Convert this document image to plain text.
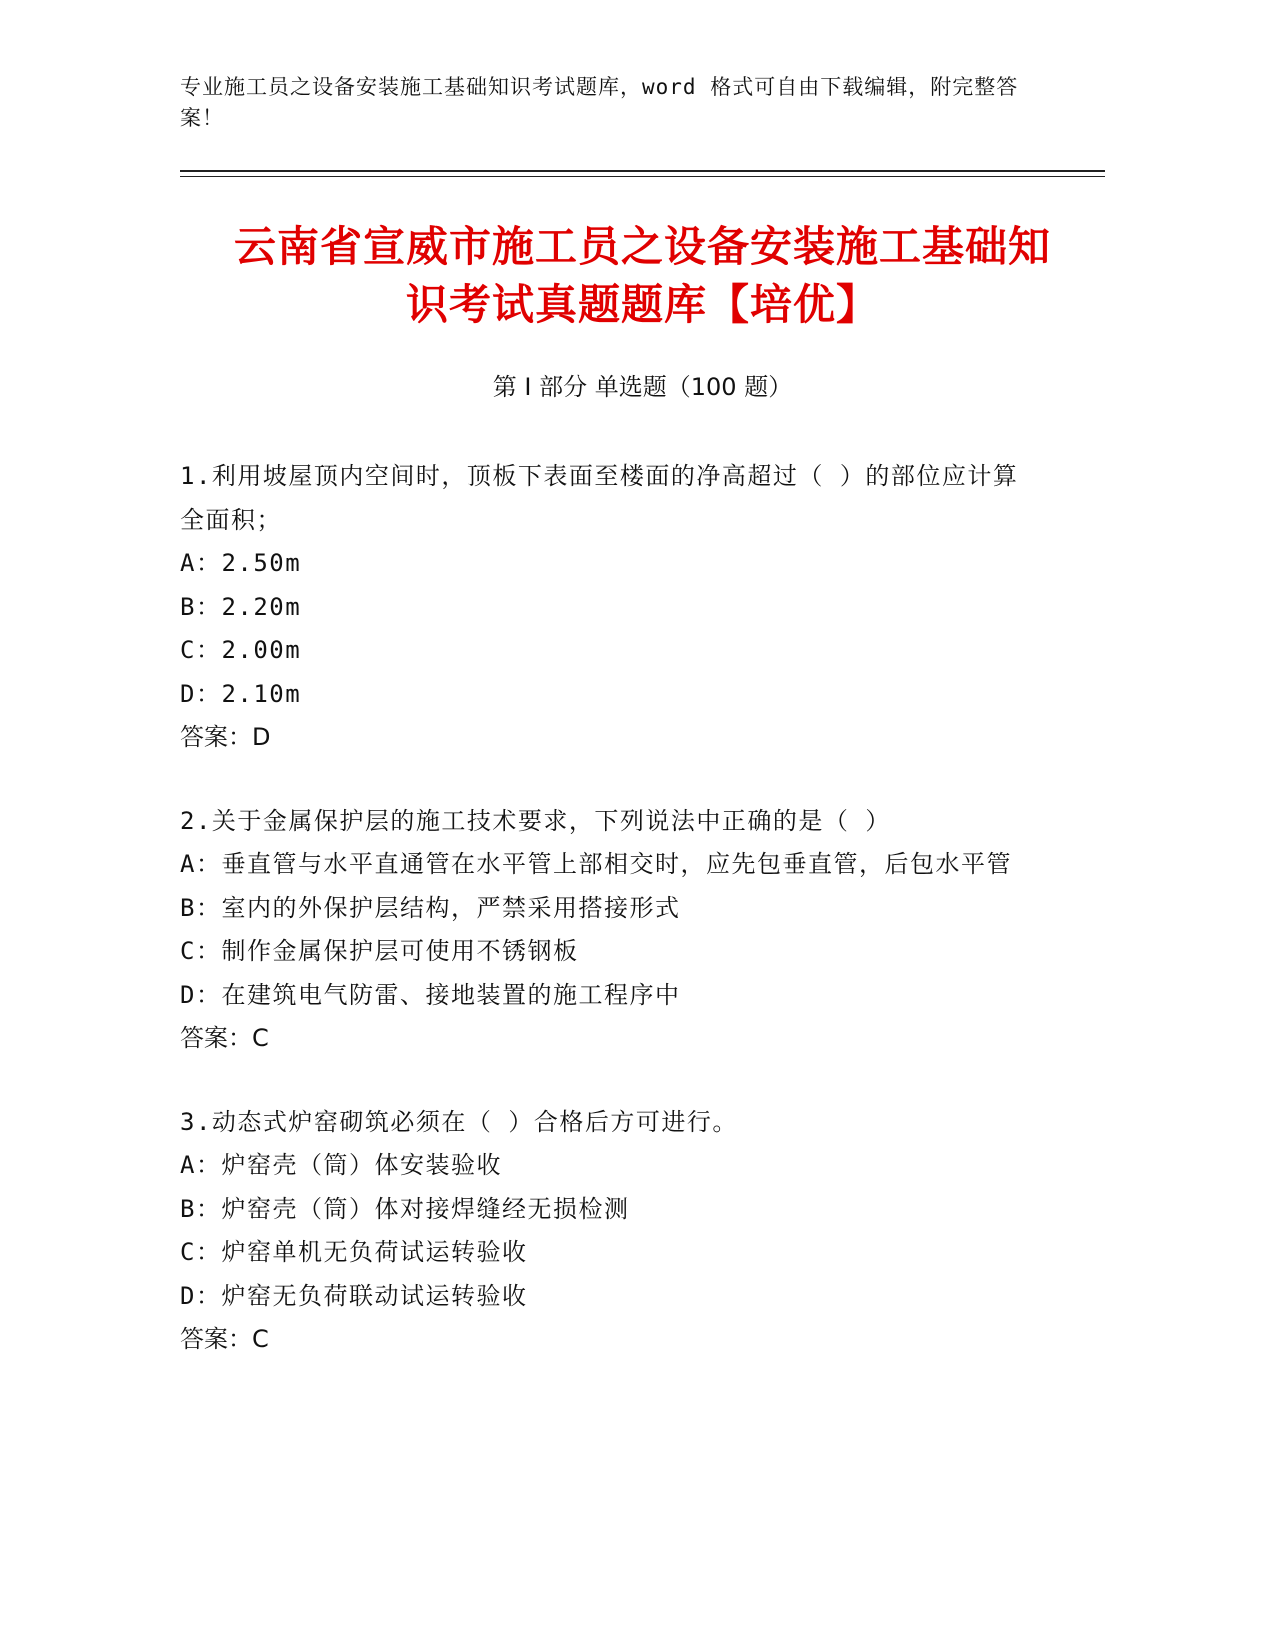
专业施工员之设备安装施工基础知识考试题库，word 格式可自由下载编辑，附完整答案！
云南省宣威市施工员之设备安装施工基础知
识考试真题题库【培优】
第 I 部分 单选题（100 题）
1.利用坡屋顶内空间时，顶板下表面至楼面的净高超过（ ）的部位应计算全面积；
A：2.50m
B：2.20m
C：2.00m
D：2.10m
答案：D
2.关于金属保护层的施工技术要求，下列说法中正确的是（ ）
A：垂直管与水平直通管在水平管上部相交时，应先包垂直管，后包水平管
B：室内的外保护层结构，严禁采用搭接形式
C：制作金属保护层可使用不锈钢板
D：在建筑电气防雷、接地装置的施工程序中
答案：C
3.动态式炉窑砌筑必须在（ ）合格后方可进行。
A：炉窑壳（筒）体安装验收
B：炉窑壳（筒）体对接焊缝经无损检测
C：炉窑单机无负荷试运转验收
D：炉窑无负荷联动试运转验收
答案：C
